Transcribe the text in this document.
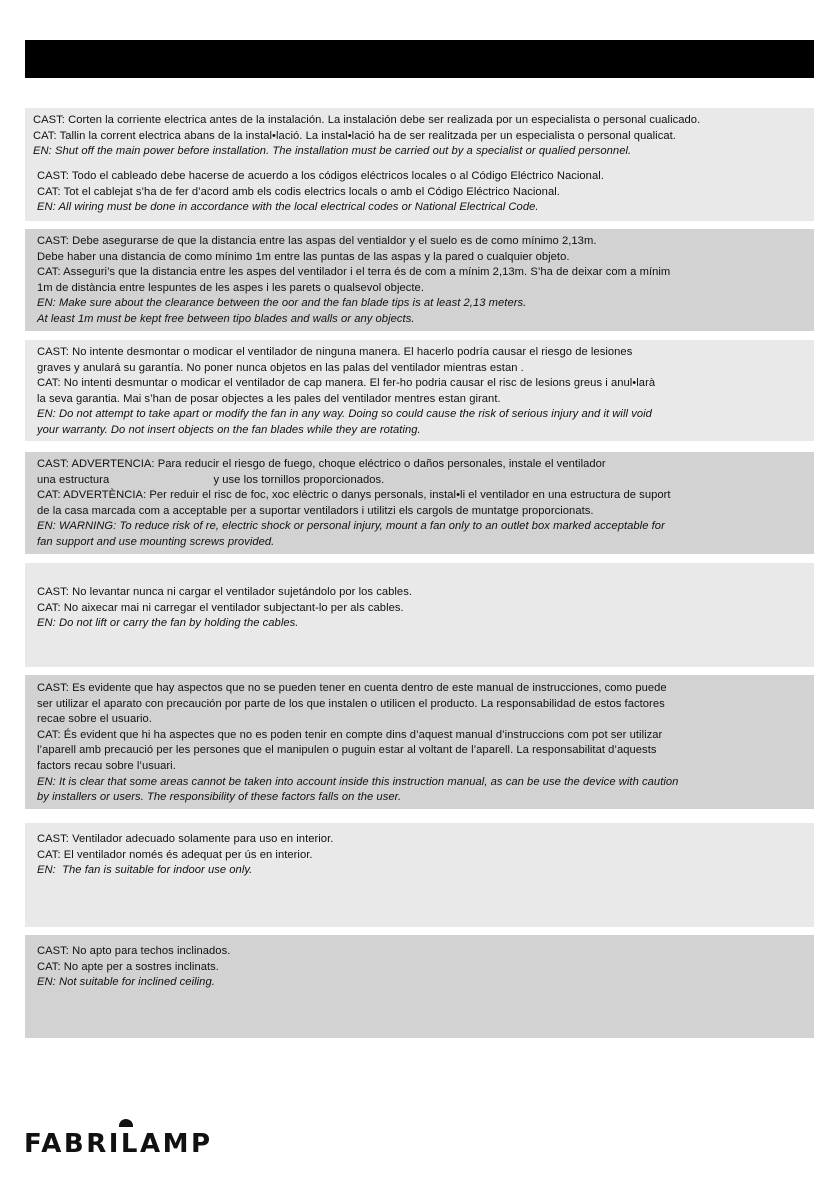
CAST: Corten la corriente electrica antes de la instalación. La instalación debe ser realizada por un especialista o personal cualicado.
CAT: Tallin la corrent electrica abans de la instal•lació. La instal•lació ha de ser realitzada per un especialista o personal qualicat.
EN: Shut off the main power before installation. The installation must be carried out by a specialist or qualied personnel.
CAST: Todo el cableado debe hacerse de acuerdo a los códigos eléctricos locales o al Código Eléctrico Nacional.
CAT: Tot el cablejat s’ha de fer d’acord amb els codis electrics locals o amb el Código Eléctrico Nacional.
EN: All wiring must be done in accordance with the local electrical codes or National Electrical Code.
CAST: Debe asegurarse de que la distancia entre las aspas del ventialdor y el suelo es de como mínimo 2,13m.
Debe haber una distancia de como mínimo 1m entre las puntas de las aspas y la pared o cualquier objeto.
CAT: Asseguri’s que la distancia entre les aspes del ventilador i el terra és de com a mínim 2,13m. S’ha de deixar com a mínim
1m de distància entre lespuntes de les aspes i les parets o qualsevol objecte.
EN: Make sure about the clearance between the oor and the fan blade tips is at least 2,13 meters.
At least 1m must be kept free between tipo blades and walls or any objects.
CAST: No intente desmontar o modicar el ventilador de ninguna manera. El hacerlo podría causar el riesgo de lesiones
graves y anulará su garantía. No poner nunca objetos en las palas del ventilador mientras estan .
CAT: No intenti desmuntar o modicar el ventilador de cap manera. El fer-ho podria causar el risc de lesions greus i anul•larà
la seva garantia. Mai s’han de posar objectes a les pales del ventilador mentres estan girant.
EN: Do not attempt to take apart or modify the fan in any way. Doing so could cause the risk of serious injury and it will void
your warranty. Do not insert objects on the fan blades while they are rotating.
CAST: ADVERTENCIA: Para reducir el riesgo de fuego, choque eléctrico o daños personales, instale el ventilador
una estructura                                 y use los tornillos proporcionados.
CAT: ADVERTÈNCIA: Per reduir el risc de foc, xoc elèctric o danys personals, instal•li el ventilador en una estructura de suport
de la casa marcada com a acceptable per a suportar ventiladors i utilitzi els cargols de muntatge proporcionats.
EN: WARNING: To reduce risk of re, electric shock or personal injury, mount a fan only to an outlet box marked acceptable for
fan support and use mounting screws provided.
CAST: No levantar nunca ni cargar el ventilador sujetándolo por los cables.
CAT: No aixecar mai ni carregar el ventilador subjectant-lo per als cables.
EN: Do not lift or carry the fan by holding the cables.
CAST: Es evidente que hay aspectos que no se pueden tener en cuenta dentro de este manual de instrucciones, como puede
ser utilizar el aparato con precaución por parte de los que instalen o utilicen el producto. La responsabilidad de estos factores
recae sobre el usuario.
CAT: És evident que hi ha aspectes que no es poden tenir en compte dins d’aquest manual d’instruccions com pot ser utilizar
l’aparell amb precaució per les persones que el manipulen o puguin estar al voltant de l’aparell. La responsabilitat d’aquests
factors recau sobre l’usuari.
EN: It is clear that some areas cannot be taken into account inside this instruction manual, as can be use the device with caution
by installers or users. The responsibility of these factors falls on the user.
CAST: Ventilador adecuado solamente para uso en interior.
CAT: El ventilador només és adequat per ús en interior.
EN:  The fan is suitable for indoor use only.
CAST: No apto para techos inclinados.
CAT: No apte per a sostres inclinats.
EN: Not suitable for inclined ceiling.
FABRILAMP
